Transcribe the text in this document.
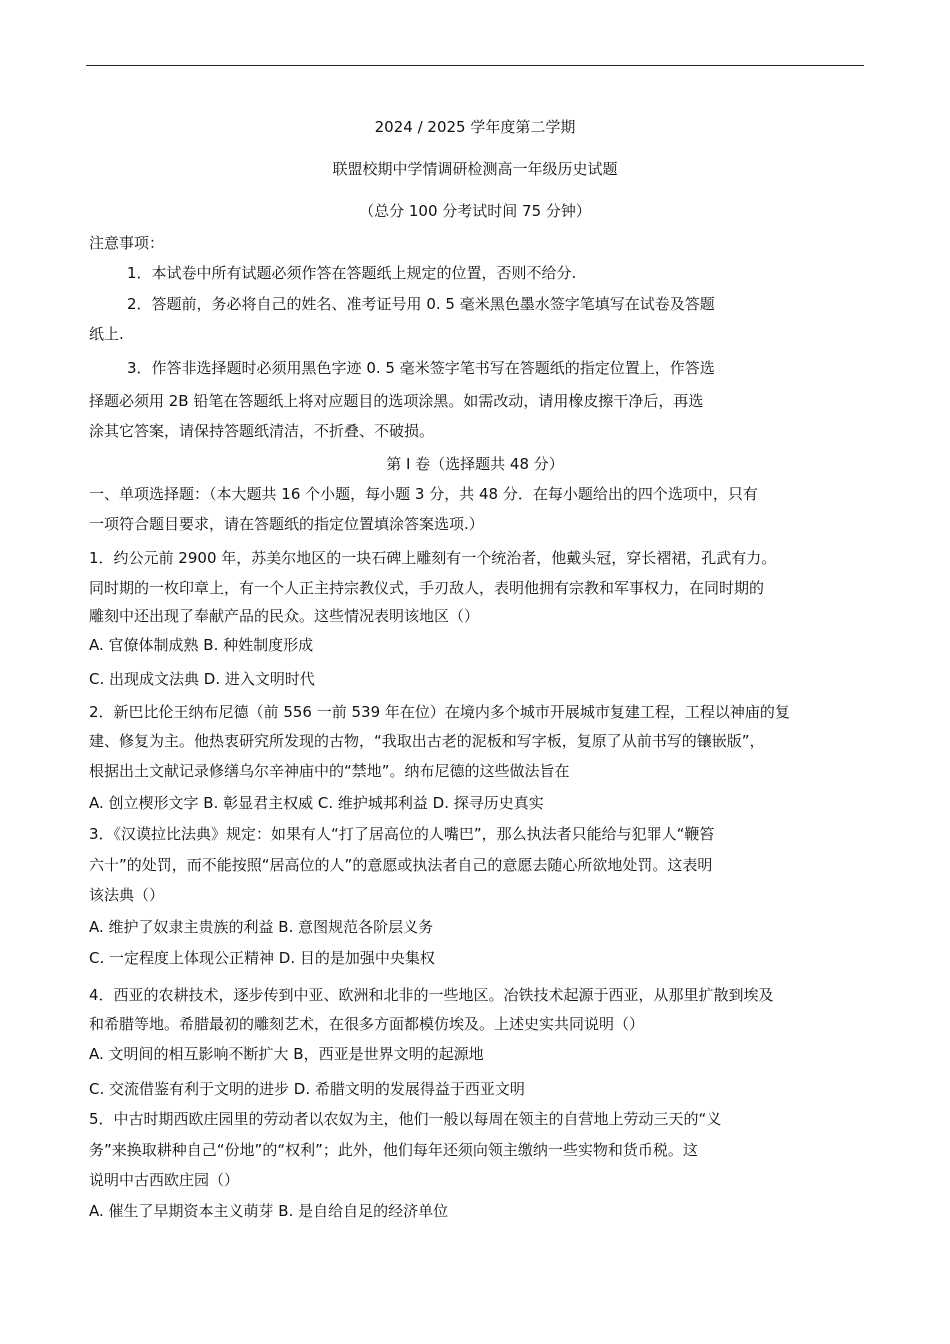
2024 / 2025 学年度第二学期
联盟校期中学情调研检测高一年级历史试题
（总分 100 分考试时间 75 分钟）
注意事项：
1．本试卷中所有试题必须作答在答题纸上规定的位置，否则不给分.
2．答题前，务必将自己的姓名、准考证号用 0. 5 毫米黑色墨水签字笔填写在试卷及答题
纸上.
3．作答非选择题时必须用黑色字迹 0. 5 毫米签字笔书写在答题纸的指定位置上，作答选
择题必须用 2B 铅笔在答题纸上将对应题目的选项涂黑。如需改动，请用橡皮擦干净后，再选
涂其它答案，请保持答题纸清洁，不折叠、不破损。
第 I 卷（选择题共 48 分）
一、单项选择题：（本大题共 16 个小题，每小题 3 分，共 48 分．在每小题给出的四个选项中，只有
一项符合题目要求，请在答题纸的指定位置填涂答案选项.）
1．约公元前 2900 年，苏美尔地区的一块石碑上雕刻有一个统治者，他戴头冠，穿长褶裙，孔武有力。
同时期的一枚印章上，有一个人正主持宗教仪式，手刃敌人，表明他拥有宗教和军事权力，在同时期的
雕刻中还出现了奉献产品的民众。这些情况表明该地区（）
A. 官僚体制成熟 B. 种姓制度形成
C. 出现成文法典 D. 进入文明时代
2．新巴比伦王纳布尼德（前 556 一前 539 年在位）在境内多个城市开展城市复建工程，工程以神庙的复
建、修复为主。他热衷研究所发现的古物，“我取出古老的泥板和写字板，复原了从前书写的镶嵌版”，
根据出土文献记录修缮乌尔辛神庙中的“禁地”。纳布尼德的这些做法旨在
A. 创立楔形文字 B. 彰显君主权威 C. 维护城邦利益 D. 探寻历史真实
3．《汉谟拉比法典》规定：如果有人“打了居高位的人嘴巴”，那么执法者只能给与犯罪人“鞭笞
六十”的处罚，而不能按照“居高位的人”的意愿或执法者自己的意愿去随心所欲地处罚。这表明
该法典（）
A. 维护了奴隶主贵族的利益 B. 意图规范各阶层义务
C. 一定程度上体现公正精神 D. 目的是加强中央集权
4．西亚的农耕技术，逐步传到中亚、欧洲和北非的一些地区。冶铁技术起源于西亚，从那里扩散到埃及
和希腊等地。希腊最初的雕刻艺术，在很多方面都模仿埃及。上述史实共同说明（）
A. 文明间的相互影响不断扩大 B，西亚是世界文明的起源地
C. 交流借鉴有利于文明的进步 D. 希腊文明的发展得益于西亚文明
5．中古时期西欧庄园里的劳动者以农奴为主，他们一般以每周在领主的自营地上劳动三天的“义
务”来换取耕种自己“份地”的“权利”；此外，他们每年还须向领主缴纳一些实物和货币税。这
说明中古西欧庄园（）
A. 催生了早期资本主义萌芽 B. 是自给自足的经济单位
